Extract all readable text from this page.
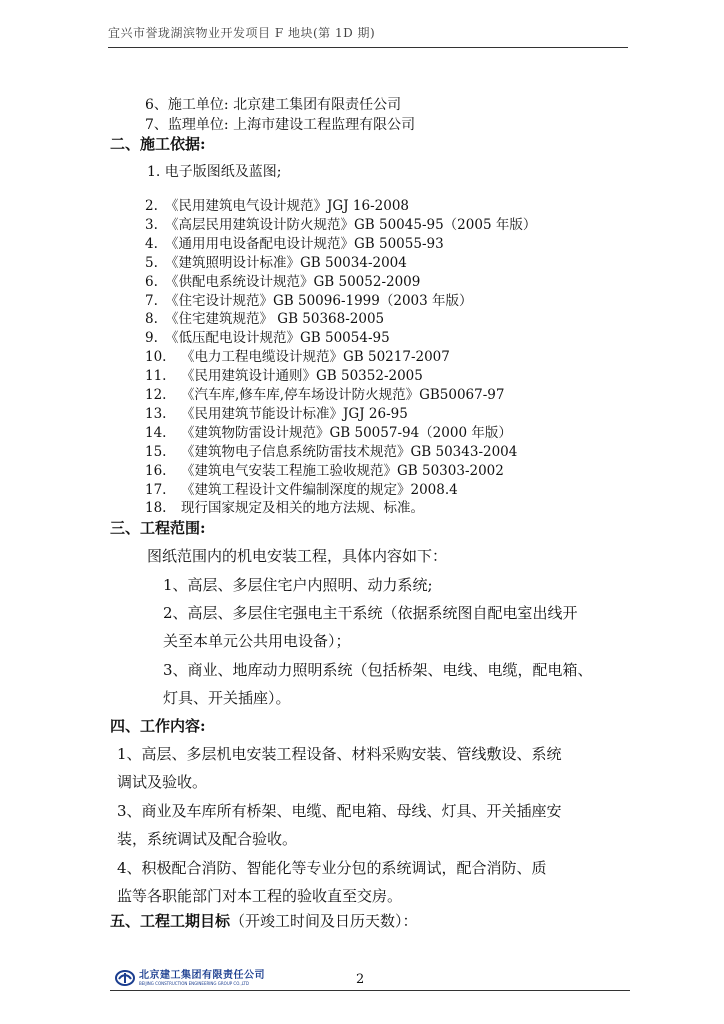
宜兴市誉珑湖滨物业开发项目 F 地块(第 1D 期)
6、施工单位: 北京建工集团有限责任公司
7、监理单位: 上海市建设工程监理有限公司
二、施工依据:
1. 电子版图纸及蓝图;
2. 《民用建筑电气设计规范》JGJ 16-2008
3. 《高层民用建筑设计防火规范》GB 50045-95（2005 年版）
4. 《通用用电设备配电设计规范》GB 50055-93
5. 《建筑照明设计标准》GB 50034-2004
6. 《供配电系统设计规范》GB 50052-2009
7. 《住宅设计规范》GB 50096-1999（2003 年版）
8. 《住宅建筑规范》 GB 50368-2005
9. 《低压配电设计规范》GB 50054-95
10. 《电力工程电缆设计规范》GB 50217-2007
11. 《民用建筑设计通则》GB 50352-2005
12. 《汽车库,修车库,停车场设计防火规范》GB50067-97
13. 《民用建筑节能设计标准》JGJ 26-95
14. 《建筑物防雷设计规范》GB 50057-94（2000 年版）
15. 《建筑物电子信息系统防雷技术规范》GB 50343-2004
16. 《建筑电气安装工程施工验收规范》GB 50303-2002
17. 《建筑工程设计文件编制深度的规定》2008.4
18. 现行国家规定及相关的地方法规、标准。
三、工程范围:
图纸范围内的机电安装工程，具体内容如下：
1、高层、多层住宅户内照明、动力系统;
2、高层、多层住宅强电主干系统（依据系统图自配电室出线开
关至本单元公共用电设备）；
3、商业、地库动力照明系统（包括桥架、电线、电缆，配电箱、
灯具、开关插座）。
四、工作内容:
1、高层、多层机电安装工程设备、材料采购安装、管线敷设、系统
调试及验收。
3、商业及车库所有桥架、电缆、配电箱、母线、灯具、开关插座安
装，系统调试及配合验收。
4、积极配合消防、智能化等专业分包的系统调试，配合消防、质
监等各职能部门对本工程的验收直至交房。
五、工程工期目标（开竣工时间及日历天数）：
北京建工集团有限责任公司
BEIJING CONSTRUCTION ENGINEERING GROUP CO.,LTD	2
